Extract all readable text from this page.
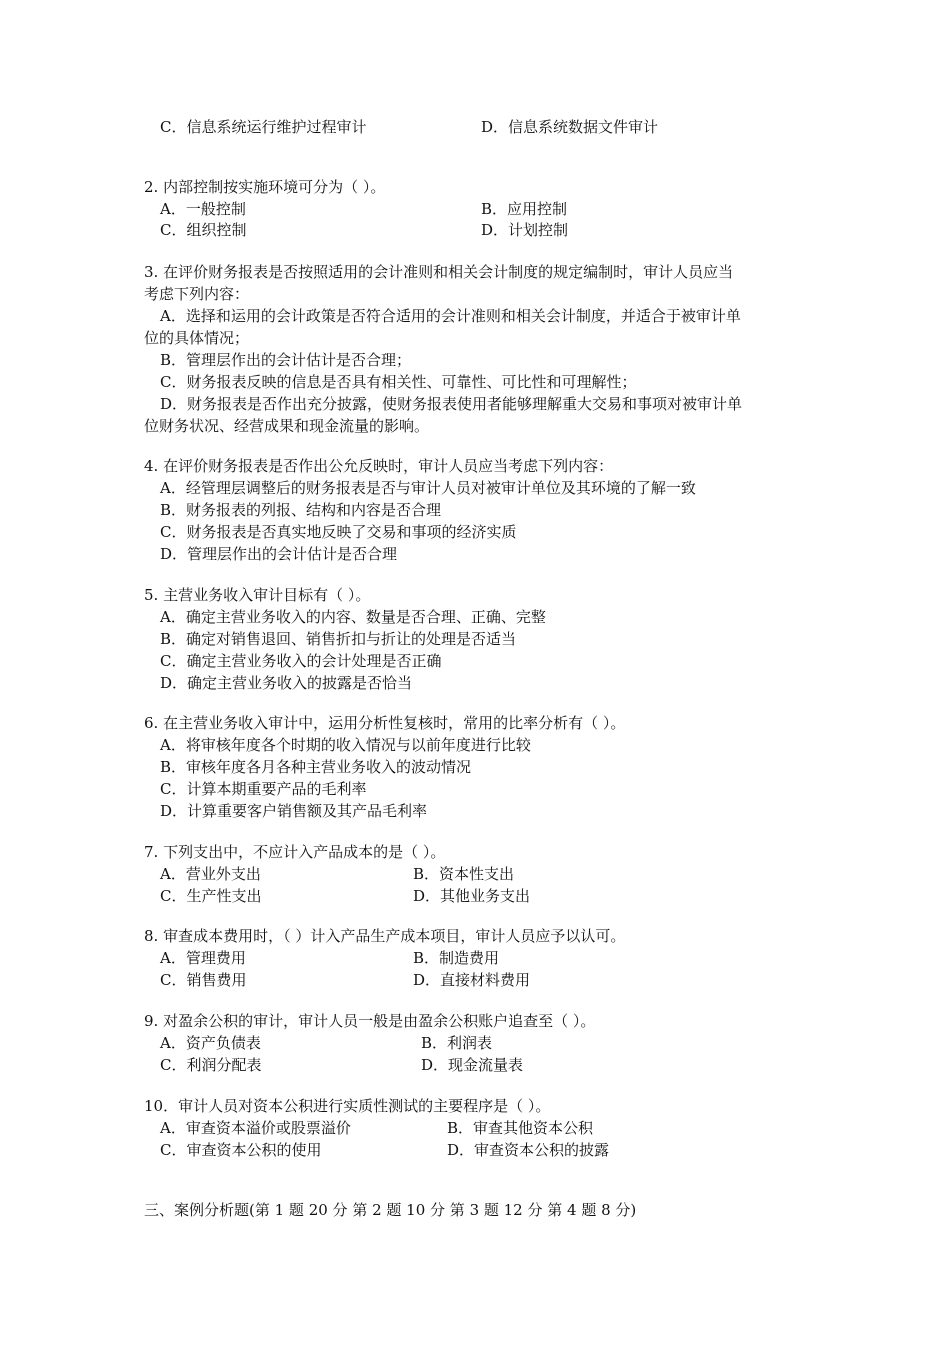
C．信息系统运行维护过程审计	D．信息系统数据文件审计
2. 内部控制按实施环境可分为（ ）。
A．一般控制	B．应用控制
C．组织控制	D．计划控制
3. 在评价财务报表是否按照适用的会计准则和相关会计制度的规定编制时，审计人员应当
考虑下列内容：
A．选择和运用的会计政策是否符合适用的会计准则和相关会计制度，并适合于被审计单
位的具体情况；
B．管理层作出的会计估计是否合理；
C．财务报表反映的信息是否具有相关性、可靠性、可比性和可理解性；
D．财务报表是否作出充分披露，使财务报表使用者能够理解重大交易和事项对被审计单
位财务状况、经营成果和现金流量的影响。
4. 在评价财务报表是否作出公允反映时，审计人员应当考虑下列内容：
A．经管理层调整后的财务报表是否与审计人员对被审计单位及其环境的了解一致
B．财务报表的列报、结构和内容是否合理
C．财务报表是否真实地反映了交易和事项的经济实质
D．管理层作出的会计估计是否合理
5. 主营业务收入审计目标有（ ）。
A．确定主营业务收入的内容、数量是否合理、正确、完整
B．确定对销售退回、销售折扣与折让的处理是否适当
C．确定主营业务收入的会计处理是否正确
D．确定主营业务收入的披露是否恰当
6. 在主营业务收入审计中，运用分析性复核时，常用的比率分析有（ ）。
A．将审核年度各个时期的收入情况与以前年度进行比较
B．审核年度各月各种主营业务收入的波动情况
C．计算本期重要产品的毛利率
D．计算重要客户销售额及其产品毛利率
7. 下列支出中，不应计入产品成本的是（ ）。
A．营业外支出	B．资本性支出
C．生产性支出	D．其他业务支出
8. 审查成本费用时，（ ）计入产品生产成本项目，审计人员应予以认可。
A．管理费用	B．制造费用
C．销售费用	D．直接材料费用
9. 对盈余公积的审计，审计人员一般是由盈余公积账户追查至（ ）。
A．资产负债表	B．利润表
C．利润分配表	D．现金流量表
10．审计人员对资本公积进行实质性测试的主要程序是（ ）。
A．审查资本溢价或股票溢价	B．审查其他资本公积
C．审查资本公积的使用	D．审查资本公积的披露
三、案例分析题(第 1 题 20 分 第 2 题 10 分 第 3 题 12 分 第 4 题 8 分)
